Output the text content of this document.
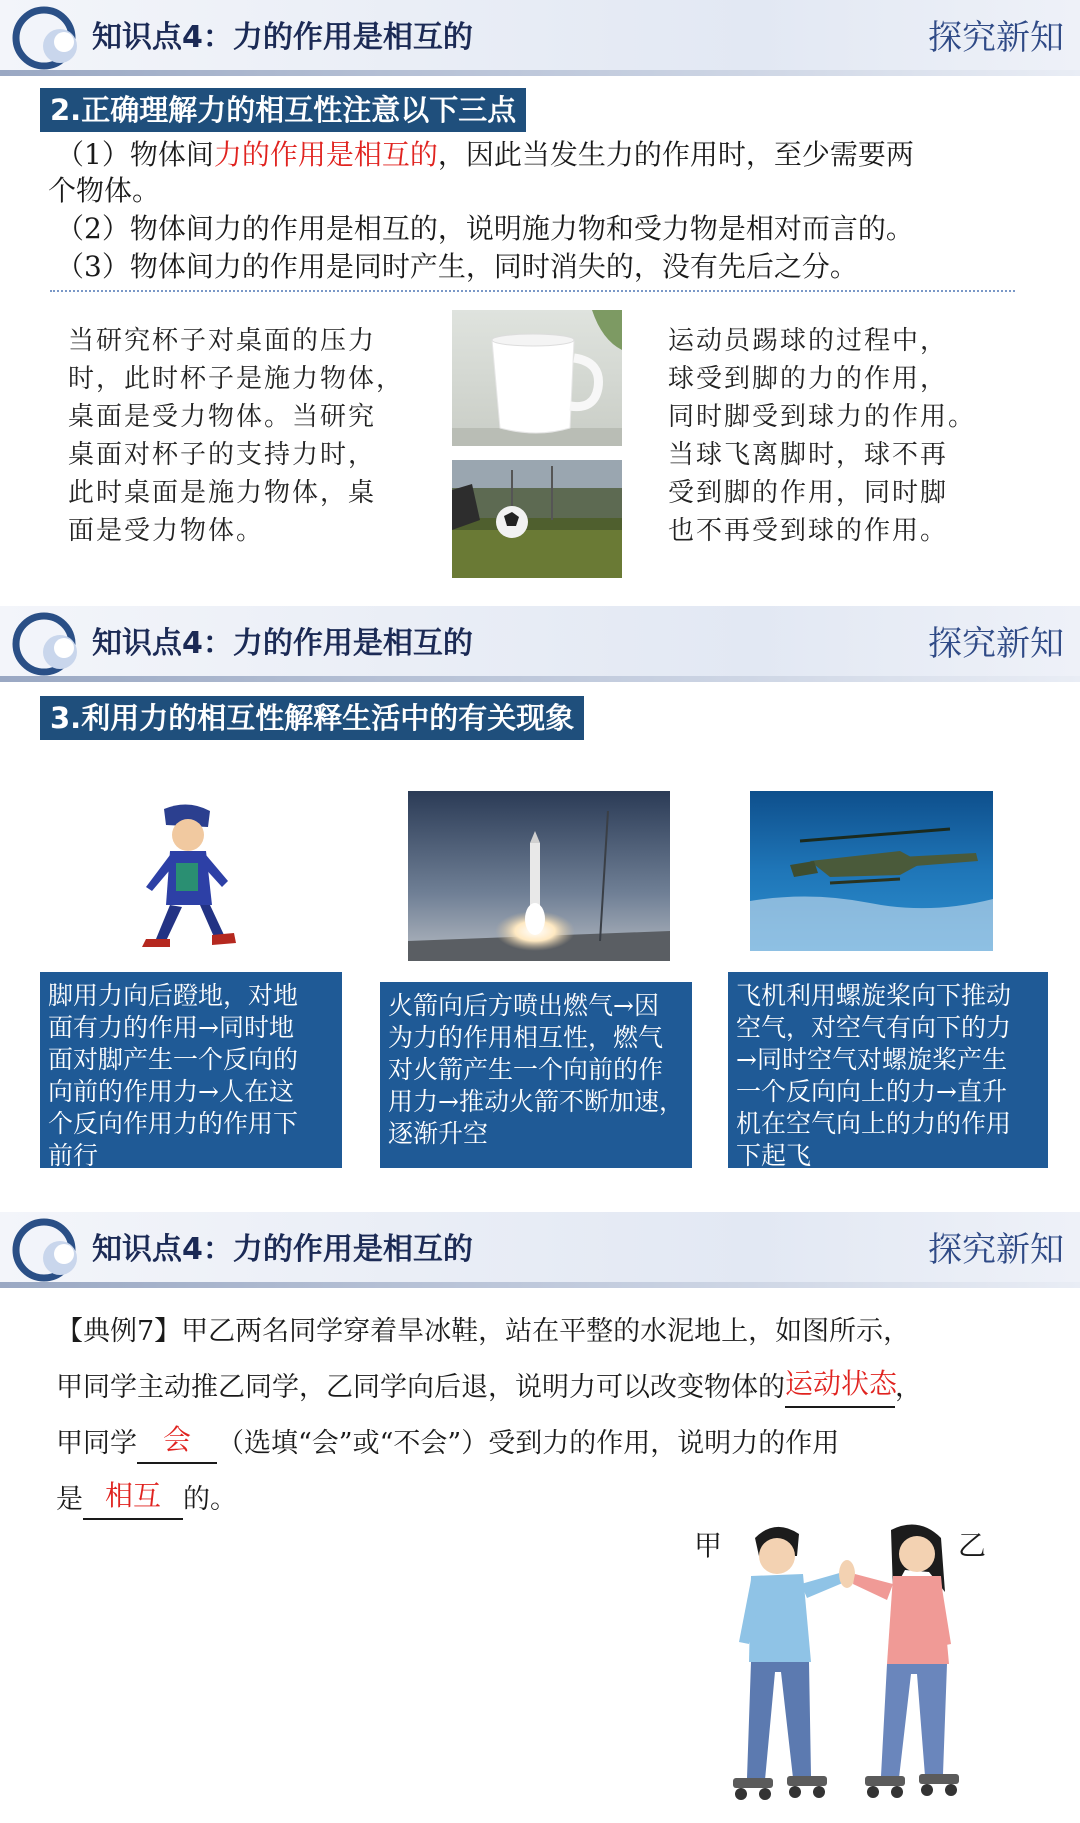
知识点4：力的作用是相互的	探究新知
2.正确理解力的相互性注意以下三点
（1）物体间力的作用是相互的，因此当发生力的作用时，至少需要两
个物体。
（2）物体间力的作用是相互的，说明施力物和受力物是相对而言的。
（3）物体间力的作用是同时产生，同时消失的，没有先后之分。
当研究杯子对桌面的压力
时，此时杯子是施力物体，
桌面是受力物体。当研究
桌面对杯子的支持力时，
此时桌面是施力物体，桌
面是受力物体。
运动员踢球的过程中，
球受到脚的力的作用，
同时脚受到球力的作用。
当球飞离脚时，球不再
受到脚的作用，同时脚
也不再受到球的作用。
知识点4：力的作用是相互的	探究新知
3.利用力的相互性解释生活中的有关现象
脚用力向后蹬地，对地
面有力的作用→同时地
面对脚产生一个反向的
向前的作用力→人在这
个反向作用力的作用下
前行
火箭向后方喷出燃气→因
为力的作用相互性，燃气
对火箭产生一个向前的作
用力→推动火箭不断加速，
逐渐升空
飞机利用螺旋桨向下推动
空气，对空气有向下的力
→同时空气对螺旋桨产生
一个反向向上的力→直升
机在空气向上的力的作用
下起飞
知识点4：力的作用是相互的	探究新知
【典例7】甲乙两名同学穿着旱冰鞋，站在平整的水泥地上，如图所示，
甲同学主动推乙同学，乙同学向后退，说明力可以改变物体的 运动状态
，
甲同学 会 （选填“会”或“不会”）受到力的作用，说明力的作用
是 相互 的。
甲	乙
